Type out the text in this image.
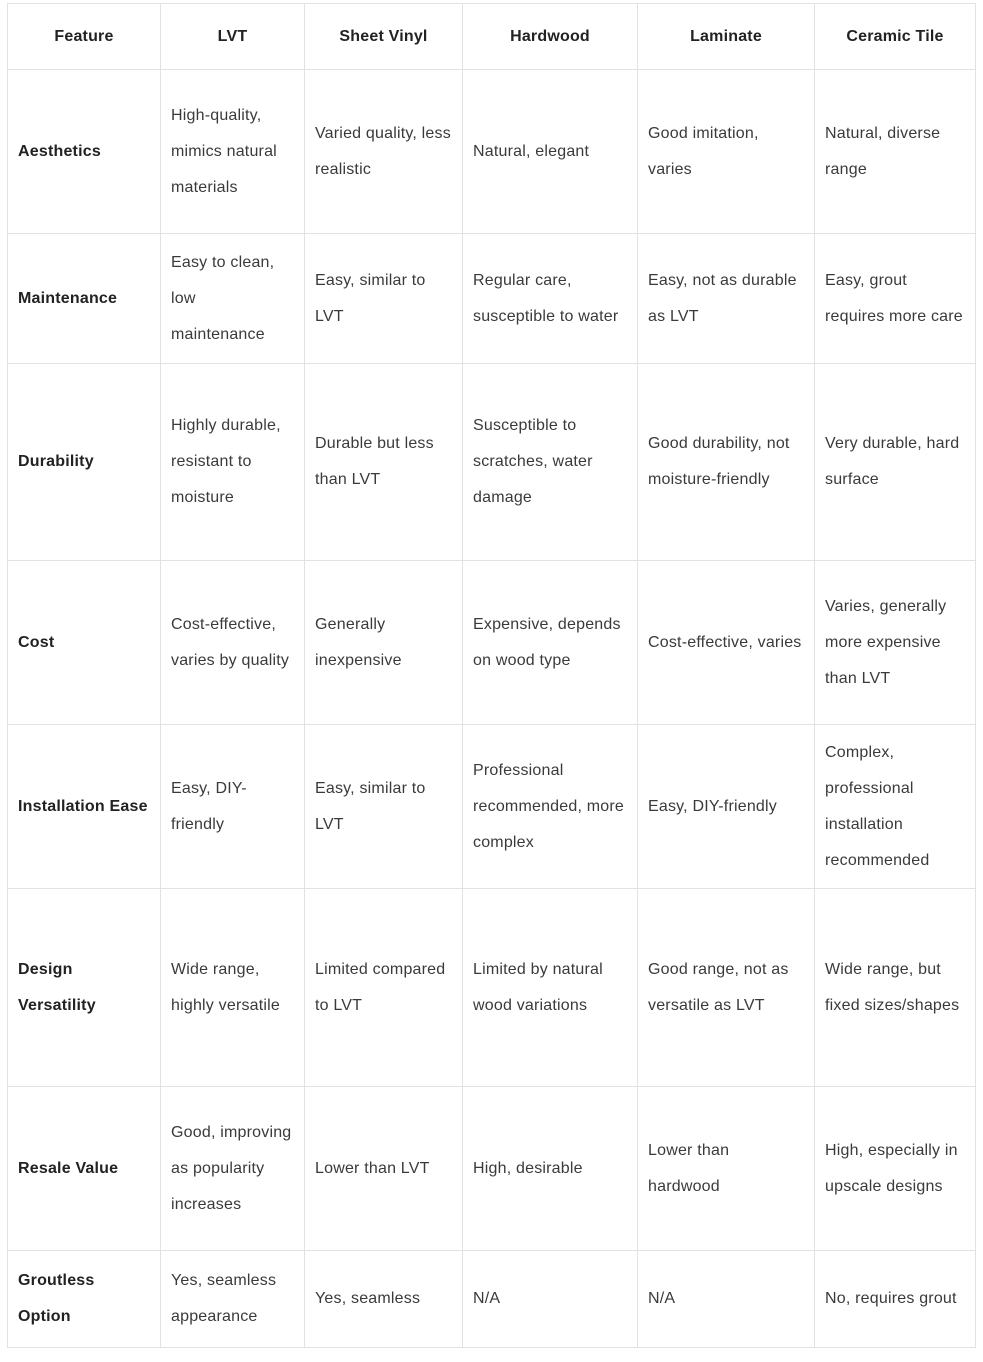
Feature	LVT	Sheet Vinyl	Hardwood	Laminate	Ceramic Tile
Aesthetics	High-quality, mimics natural materials	Varied quality, less realistic	Natural, elegant	Good imitation, varies	Natural, diverse range
Maintenance	Easy to clean, low maintenance	Easy, similar to LVT	Regular care, susceptible to water	Easy, not as durable as LVT	Easy, grout requires more care
Durability	Highly durable, resistant to moisture	Durable but less than LVT	Susceptible to scratches, water damage	Good durability, not moisture-friendly	Very durable, hard surface
Cost	Cost-effective, varies by quality	Generally inexpensive	Expensive, depends on wood type	Cost-effective, varies	Varies, generally more expensive than LVT
Installation Ease	Easy, DIY-friendly	Easy, similar to LVT	Professional recommended, more complex	Easy, DIY-friendly	Complex, professional installation recommended
Design Versatility	Wide range, highly versatile	Limited compared to LVT	Limited by natural wood variations	Good range, not as versatile as LVT	Wide range, but fixed sizes/shapes
Resale Value	Good, improving as popularity increases	Lower than LVT	High, desirable	Lower than hardwood	High, especially in upscale designs
Groutless Option	Yes, seamless appearance	Yes, seamless	N/A	N/A	No, requires grout
